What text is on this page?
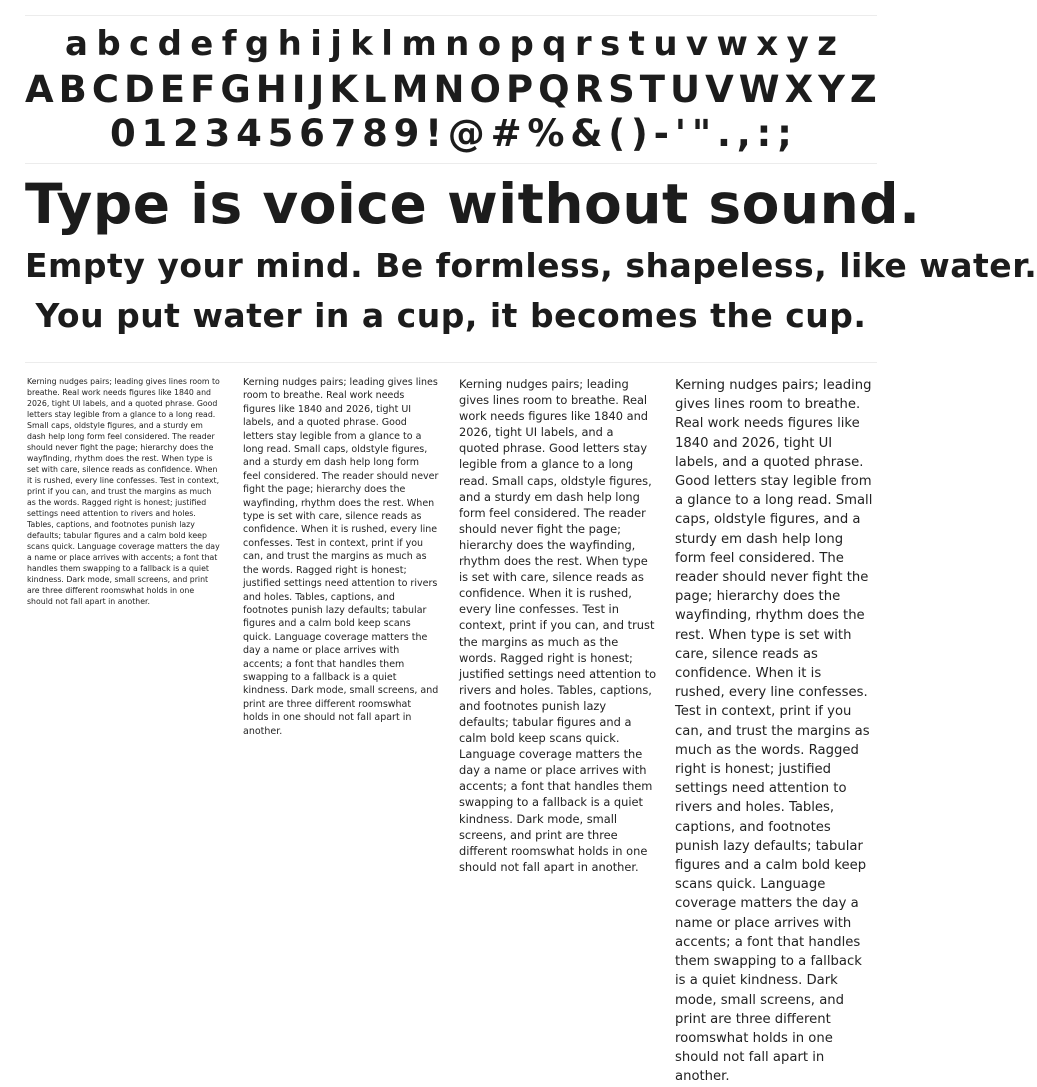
a b c d e f g h i j k l m n o p q r s t u v w x y z
A B C D E F G H I J K L M N O P Q R S T U V W X Y Z
0 1 2 3 4 5 6 7 8 9 ! @ # % & ( ) - ' " . , : ;
Type is voice without sound.
Empty your mind. Be formless, shapeless, like water.
You put water in a cup, it becomes the cup.
Kerning nudges pairs; leading gives lines room to breathe. Real work needs figures like 1840 and 2026, tight UI labels, and a quoted phrase. Good letters stay legible from a glance to a long read. Small caps, oldstyle figures, and a sturdy em dash help long form feel considered. The reader should never fight the page; hierarchy does the wayfinding, rhythm does the rest. When type is set with care, silence reads as confidence. When it is rushed, every line confesses. Test in context, print if you can, and trust the margins as much as the words. Ragged right is honest; justified settings need attention to rivers and holes. Tables, captions, and footnotes punish lazy defaults; tabular figures and a calm bold keep scans quick. Language coverage matters the day a name or place arrives with accents; a font that handles them swapping to a fallback is a quiet kindness. Dark mode, small screens, and print are three different roomswhat holds in one should not fall apart in another.
Kerning nudges pairs; leading gives lines room to breathe. Real work needs figures like 1840 and 2026, tight UI labels, and a quoted phrase. Good letters stay legible from a glance to a long read. Small caps, oldstyle figures, and a sturdy em dash help long form feel considered. The reader should never fight the page; hierarchy does the wayfinding, rhythm does the rest. When type is set with care, silence reads as confidence. When it is rushed, every line confesses. Test in context, print if you can, and trust the margins as much as the words. Ragged right is honest; justified settings need attention to rivers and holes. Tables, captions, and footnotes punish lazy defaults; tabular figures and a calm bold keep scans quick. Language coverage matters the day a name or place arrives with accents; a font that handles them swapping to a fallback is a quiet kindness. Dark mode, small screens, and print are three different roomswhat holds in one should not fall apart in another.
Kerning nudges pairs; leading gives lines room to breathe. Real work needs figures like 1840 and 2026, tight UI labels, and a quoted phrase. Good letters stay legible from a glance to a long read. Small caps, oldstyle figures, and a sturdy em dash help long form feel considered. The reader should never fight the page; hierarchy does the wayfinding, rhythm does the rest. When type is set with care, silence reads as confidence. When it is rushed, every line confesses. Test in context, print if you can, and trust the margins as much as the words. Ragged right is honest; justified settings need attention to rivers and holes. Tables, captions, and footnotes punish lazy defaults; tabular figures and a calm bold keep scans quick. Language coverage matters the day a name or place arrives with accents; a font that handles them swapping to a fallback is a quiet kindness. Dark mode, small screens, and print are three different roomswhat holds in one should not fall apart in another.
Kerning nudges pairs; leading gives lines room to breathe. Real work needs figures like 1840 and 2026, tight UI labels, and a quoted phrase. Good letters stay legible from a glance to a long read. Small caps, oldstyle figures, and a sturdy em dash help long form feel considered. The reader should never fight the page; hierarchy does the wayfinding, rhythm does the rest. When type is set with care, silence reads as confidence. When it is rushed, every line confesses. Test in context, print if you can, and trust the margins as much as the words. Ragged right is honest; justified settings need attention to rivers and holes. Tables, captions, and footnotes punish lazy defaults; tabular figures and a calm bold keep scans quick. Language coverage matters the day a name or place arrives with accents; a font that handles them swapping to a fallback is a quiet kindness. Dark mode, small screens, and print are three different roomswhat holds in one should not fall apart in another.
